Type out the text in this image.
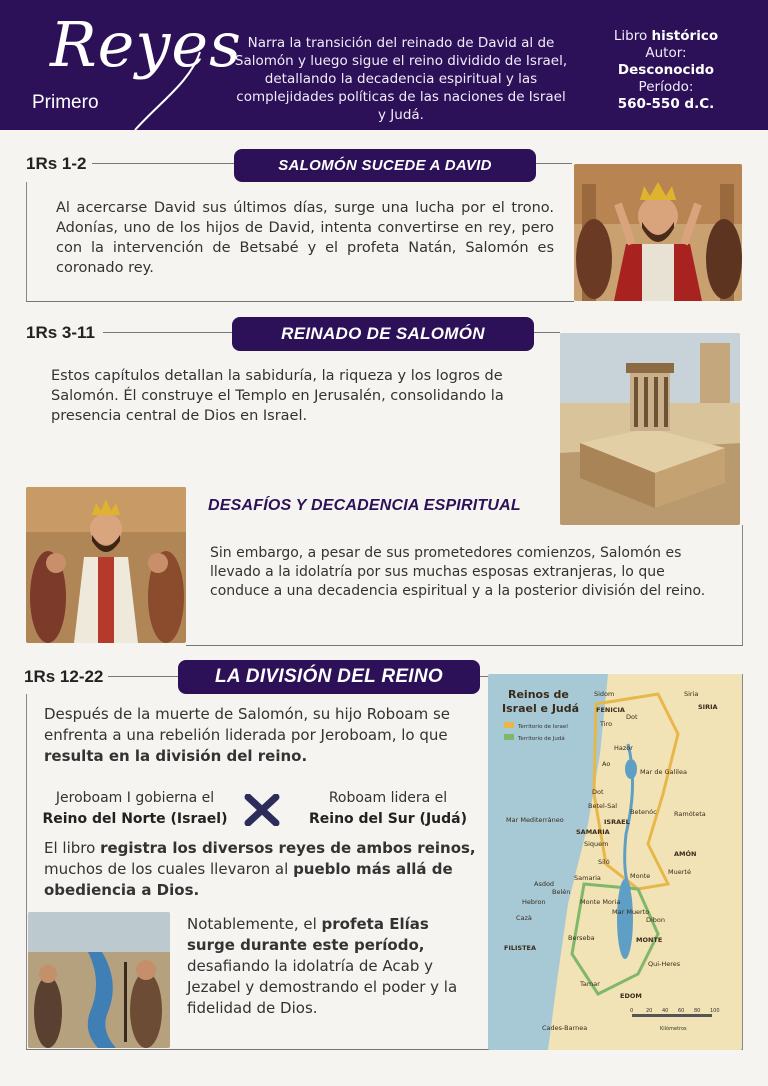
Reyes
Primero
Narra la transición del reinado de David al de Salomón y luego sigue el reino dividido de Israel, detallando la decadencia espiritual y las complejidades políticas de las naciones de Israel y Judá.
Libro histórico
Autor:
Desconocido
Período:
560-550 d.C.
1Rs 1-2	SALOMÓN SUCEDE A DAVID
Al acercarse David sus últimos días, surge una lucha por el trono. Adonías, uno de los hijos de David, intenta convertirse en rey, pero con la intervención de Betsabé y el profeta Natán, Salomón es coronado rey.
1Rs 3-11	REINADO DE SALOMÓN
Estos capítulos detallan la sabiduría, la riqueza y los logros de Salomón. Él construye el Templo en Jerusalén, consolidando la presencia central de Dios en Israel.
DESAFÍOS Y DECADENCIA ESPIRITUAL
Sin embargo, a pesar de sus prometedores comienzos, Salomón es llevado a la idolatría por sus muchas esposas extranjeras, lo que conduce a una decadencia espiritual y a la posterior división del reino.
1Rs 12-22	LA DIVISIÓN DEL REINO
Después de la muerte de Salomón, su hijo Roboam se enfrenta a una rebelión liderada por Jeroboam, lo que resulta en la división del reino.
Jeroboam I gobierna el
Reino del Norte (Israel)
Roboam lidera el
Reino del Sur (Judá)
El libro registra los diversos reyes de ambos reinos, muchos de los cuales llevaron al pueblo más allá de obediencia a Dios.
Notablemente, el profeta Elías surge durante este período, desafiando la idolatría de Acab y Jezabel y demostrando el poder y la fidelidad de Dios.
Reinos de
Israel e Judá
Territorio de Israel
Territorio de Judá
Sidom	Siria
SIRIA
FENICIA
Tiro
Dot
Hazor
Ao
Mar de Galilea
Dot
Betel-Sal
Mar Mediterráneo	ISRAEL
Betenóc	Ramóteta
SAMARIA
Siquem
Siló
AMÓN
Samaria	Monte	Muerté
Asdod
Belén
Hebron	Monte Moria
Mar Muerto
Dibon
Cazà
FILISTEA
Berseba	MONTE
Qui-Heres
Tamar
EDOM
Cades-Barnea
0	20 40 60 80 100
Kilómetros
